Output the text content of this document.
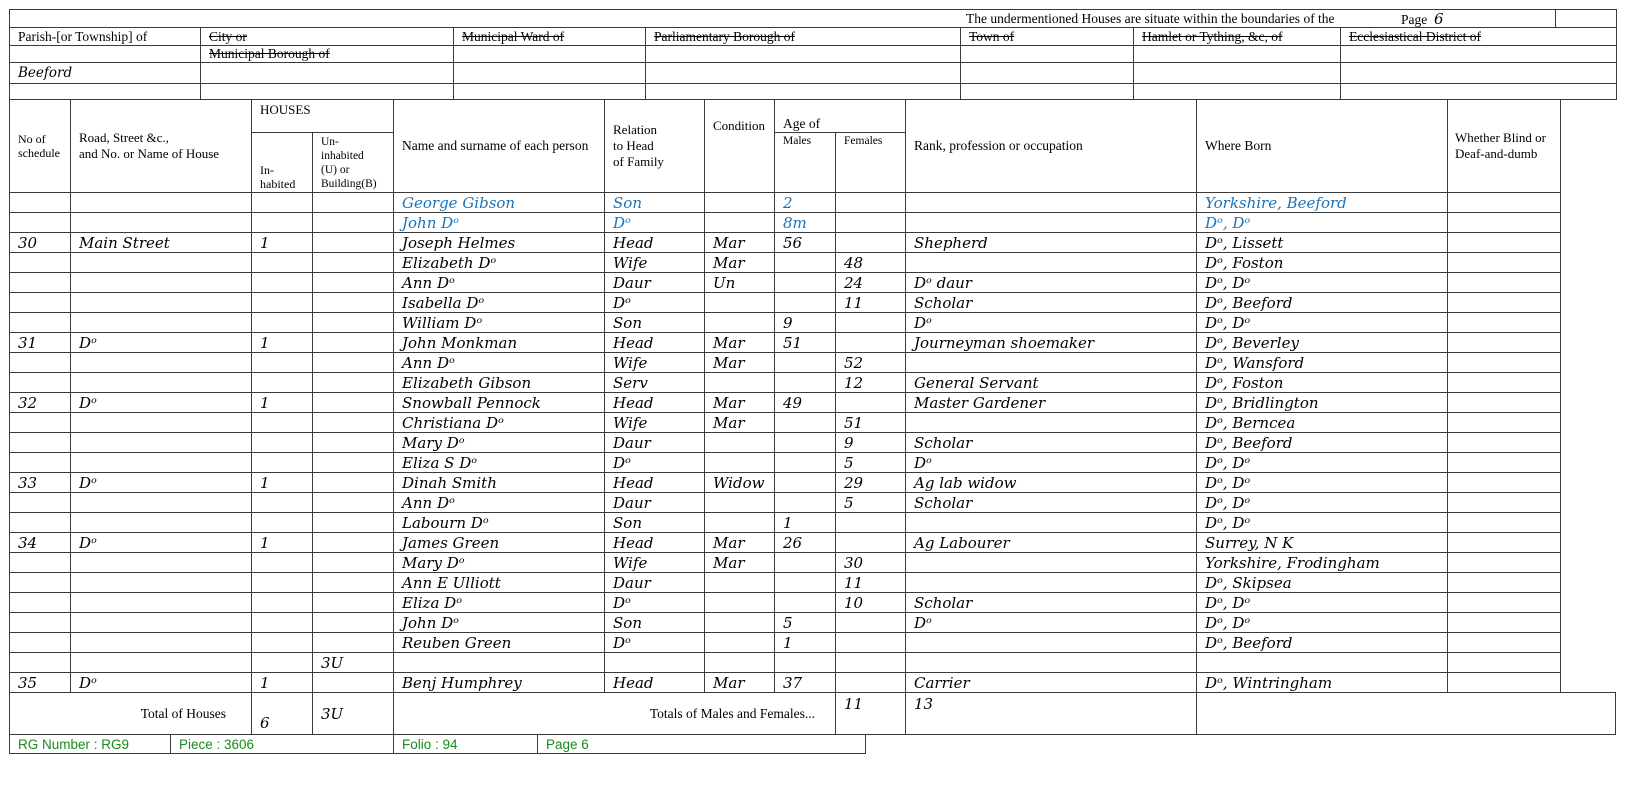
The undermentioned Houses are situate within the boundaries of the							
Parish-[or Township] of	City or	Municipal Ward of	Parliamentary Borough of	Town of	Hamlet or Tything, &c, of	Ecclesiastical District of	
	Municipal Borough of						
Beeford							

Page 6
No of
schedule	Road, Street &c.,
and No. or Name of House	HOUSES		Name and surname of each person	Relation
to Head
of Family	Condition	Age of		Rank, profession or occupation	Where Born	Whether Blind or
Deaf-and-dumb
		In-
habited	Un-
inhabited
(U) or
Building(B)				Males	Females			
				George Gibson	Son		2			Yorkshire, Beeford	
				John Dᵒ	Dᵒ		8m			Dᵒ, Dᵒ	
30	Main Street	1		Joseph Helmes	Head	Mar	56		Shepherd	Dᵒ, Lissett	
				Elizabeth Dᵒ	Wife	Mar		48		Dᵒ, Foston	
				Ann Dᵒ	Daur	Un		24	Dᵒ daur	Dᵒ, Dᵒ	
				Isabella Dᵒ	Dᵒ			11	Scholar	Dᵒ, Beeford	
				William Dᵒ	Son		9		Dᵒ	Dᵒ, Dᵒ	
31	Dᵒ	1		John Monkman	Head	Mar	51		Journeyman shoemaker	Dᵒ, Beverley	
				Ann Dᵒ	Wife	Mar		52		Dᵒ, Wansford	
				Elizabeth Gibson	Serv			12	General Servant	Dᵒ, Foston	
32	Dᵒ	1		Snowball Pennock	Head	Mar	49		Master Gardener	Dᵒ, Bridlington	
				Christiana Dᵒ	Wife	Mar		51		Dᵒ, Berncea	
				Mary Dᵒ	Daur			9	Scholar	Dᵒ, Beeford	
				Eliza S Dᵒ	Dᵒ			5	Dᵒ	Dᵒ, Dᵒ	
33	Dᵒ	1		Dinah Smith	Head	Widow		29	Ag lab widow	Dᵒ, Dᵒ	
				Ann Dᵒ	Daur			5	Scholar	Dᵒ, Dᵒ	
				Labourn Dᵒ	Son		1			Dᵒ, Dᵒ	
34	Dᵒ	1		James Green	Head	Mar	26		Ag Labourer	Surrey, N K	
				Mary Dᵒ	Wife	Mar		30		Yorkshire, Frodingham	
				Ann E Ulliott	Daur			11		Dᵒ, Skipsea	
				Eliza Dᵒ	Dᵒ			10	Scholar	Dᵒ, Dᵒ	
				John Dᵒ	Son		5		Dᵒ	Dᵒ, Dᵒ	
				Reuben Green	Dᵒ		1			Dᵒ, Beeford	
			3U								
35	Dᵒ	1		Benj Humphrey	Head	Mar	37		Carrier	Dᵒ, Wintringham	
Total of Houses		6	3U	Totals of Males and Females...				11	13		
RG Number : RG9	Piece : 3606	Folio : 94	Page 6
